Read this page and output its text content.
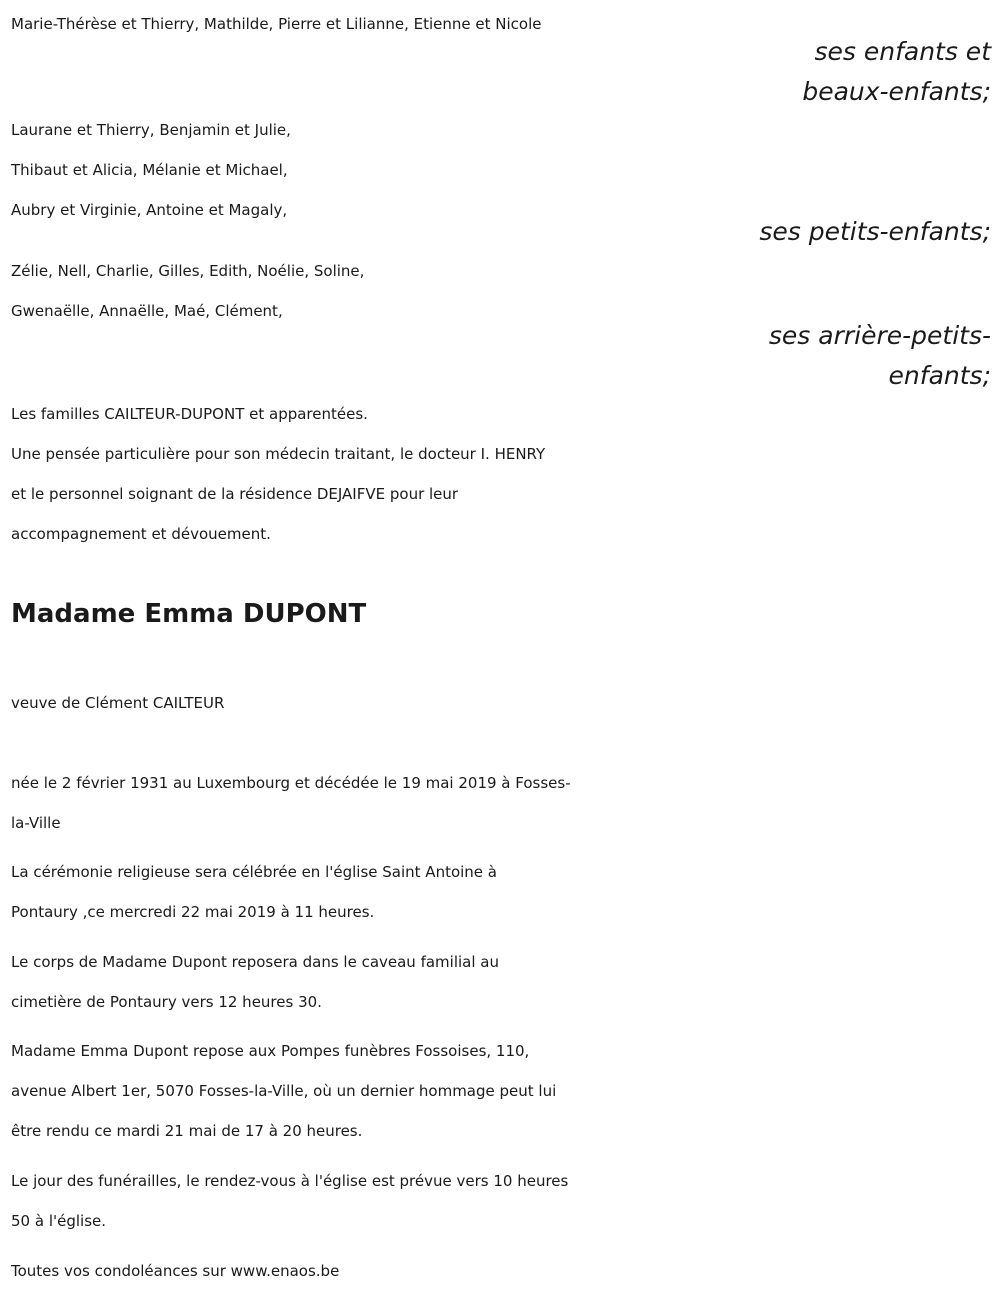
Marie-Thérèse et Thierry, Mathilde, Pierre et Lilianne, Etienne et Nicole
ses enfants et
beaux-enfants;
Laurane et Thierry, Benjamin et Julie,
Thibaut et Alicia, Mélanie et Michael,
Aubry et Virginie, Antoine et Magaly,
ses petits-enfants;
Zélie, Nell, Charlie, Gilles, Edith, Noélie, Soline,
Gwenaëlle, Annaëlle, Maé, Clément,
ses arrière-petits-
enfants;
Les familles CAILTEUR-DUPONT et apparentées.
Une pensée particulière pour son médecin traitant, le docteur I. HENRY
et le personnel soignant de la résidence DEJAIFVE pour leur
accompagnement et dévouement.
Madame Emma DUPONT
veuve de Clément CAILTEUR
née le 2 février 1931 au Luxembourg et décédée le 19 mai 2019 à Fosses-
la-Ville
La cérémonie religieuse sera célébrée en l'église Saint Antoine à
Pontaury ,ce mercredi 22 mai 2019 à 11 heures.
Le corps de Madame Dupont reposera dans le caveau familial au
cimetière de Pontaury vers 12 heures 30.
Madame Emma Dupont repose aux Pompes funèbres Fossoises, 110,
avenue Albert 1er, 5070 Fosses-la-Ville, où un dernier hommage peut lui
être rendu ce mardi 21 mai de 17 à 20 heures.
Le jour des funérailles, le rendez-vous à l'église est prévue vers 10 heures
50 à l'église.
Toutes vos condoléances sur www.enaos.be
